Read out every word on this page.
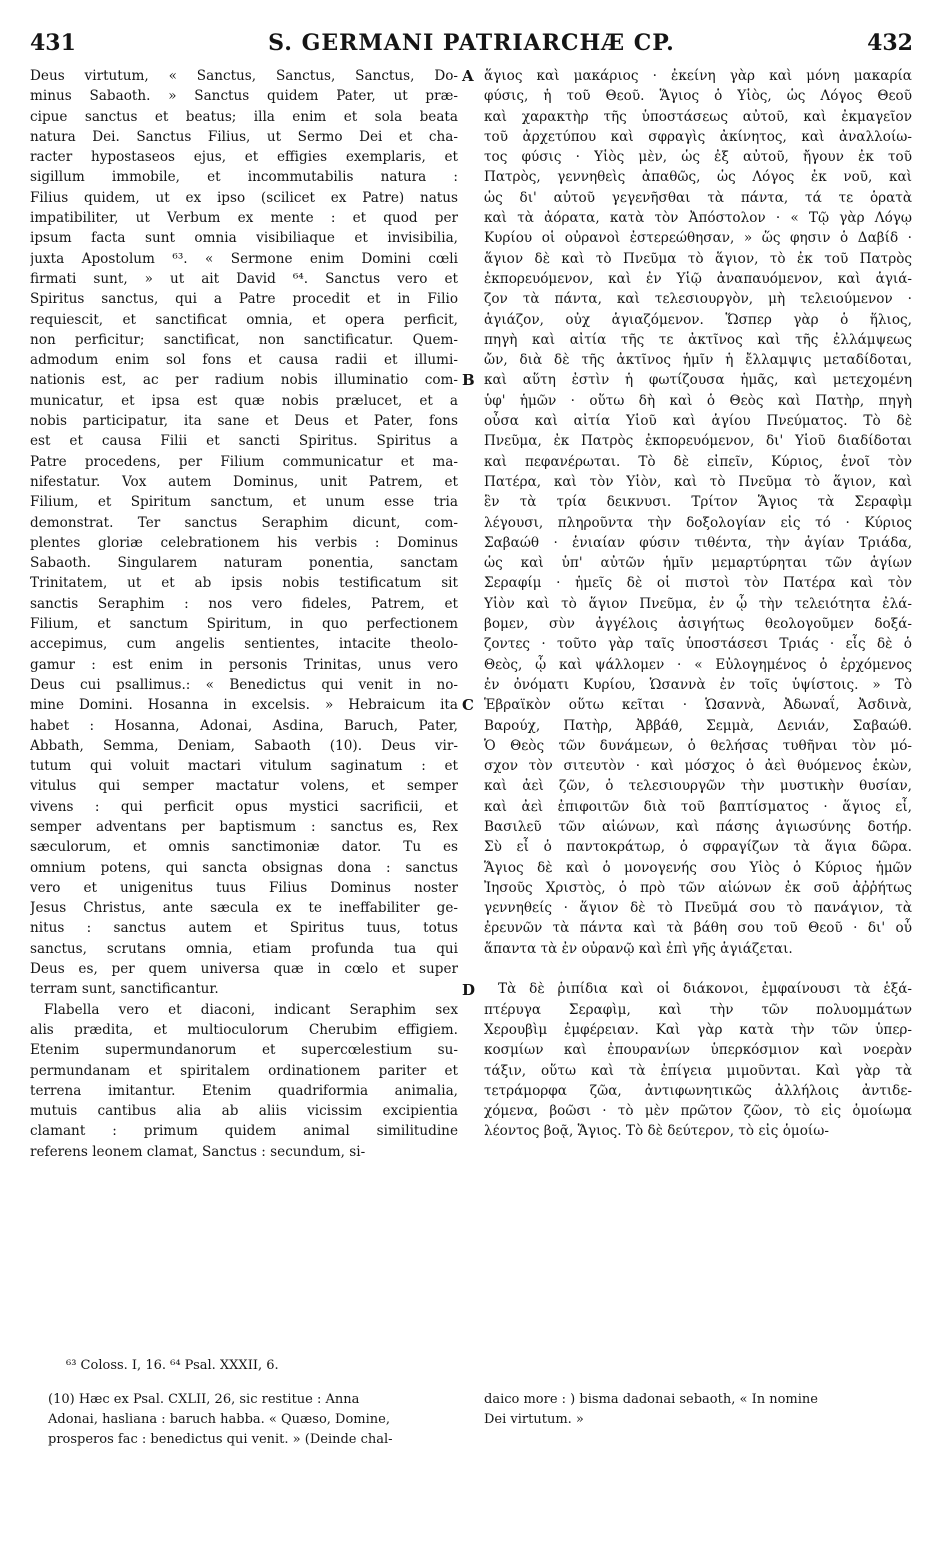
431	S. GERMANI PATRIARCHÆ CP.	432
Deus virtutum, « Sanctus, Sanctus, Sanctus, Do-
minus Sabaoth. » Sanctus quidem Pater, ut præ-
cipue sanctus et beatus; illa enim et sola beata
natura Dei. Sanctus Filius, ut Sermo Dei et cha-
racter hypostaseos ejus, et effigies exemplaris, et
sigillum immobile, et incommutabilis natura :
Filius quidem, ut ex ipso (scilicet ex Patre) natus
impatibiliter, ut Verbum ex mente : et quod per
ipsum facta sunt omnia visibiliaque et invisibilia,
juxta Apostolum ⁶³. « Sermone enim Domini cœli
firmati sunt, » ut ait David ⁶⁴. Sanctus vero et
Spiritus sanctus, qui a Patre procedit et in Filio
requiescit, et sanctificat omnia, et opera perficit,
non perficitur; sanctificat, non sanctificatur. Quem-
admodum enim sol fons et causa radii et illumi-
nationis est, ac per radium nobis illuminatio com-
municatur, et ipsa est quæ nobis prælucet, et a
nobis participatur, ita sane et Deus et Pater, fons
est et causa Filii et sancti Spiritus. Spiritus a
Patre procedens, per Filium communicatur et ma-
nifestatur. Vox autem Dominus, unit Patrem, et
Filium, et Spiritum sanctum, et unum esse tria
demonstrat. Ter sanctus Seraphim dicunt, com-
plentes gloriæ celebrationem his verbis : Dominus
Sabaoth. Singularem naturam ponentia, sanctam
Trinitatem, ut et ab ipsis nobis testificatum sit
sanctis Seraphim : nos vero fideles, Patrem, et
Filium, et sanctum Spiritum, in quo perfectionem
accepimus, cum angelis sentientes, intacite theolo-
gamur : est enim in personis Trinitas, unus vero
Deus cui psallimus.: « Benedictus qui venit in no-
mine Domini. Hosanna in excelsis. » Hebraicum ita
habet : Hosanna, Adonai, Asdina, Baruch, Pater,
Abbath, Semma, Deniam, Sabaoth (10). Deus vir-
tutum qui voluit mactari vitulum saginatum : et
vitulus qui semper mactatur volens, et semper
vivens : qui perficit opus mystici sacrificii, et
semper adventans per baptismum : sanctus es, Rex
sæculorum, et omnis sanctimoniæ dator. Tu es
omnium potens, qui sancta obsignas dona : sanctus
vero et unigenitus tuus Filius Dominus noster
Jesus Christus, ante sæcula ex te ineffabiliter ge-
nitus : sanctus autem et Spiritus tuus, totus
sanctus, scrutans omnia, etiam profunda tua qui
Deus es, per quem universa quæ in cœlo et super
terram sunt, sanctificantur.
Flabella vero et diaconi, indicant Seraphim sex
alis prædita, et multioculorum Cherubim effigiem.
Etenim supermundanorum et supercœlestium su-
permundanam et spiritalem ordinationem pariter et
terrena imitantur. Etenim quadriformia animalia,
mutuis cantibus alia ab aliis vicissim excipientia
clamant : primum quidem animal similitudine
referens leonem clamat, Sanctus : secundum, si-
ἅγιος καὶ μακάριος · ἐκείνη γὰρ καὶ μόνη μακαρία
φύσις, ἡ τοῦ Θεοῦ. Ἅγιος ὁ Υἱὸς, ὡς Λόγος Θεοῦ
καὶ χαρακτὴρ τῆς ὑποστάσεως αὐτοῦ, καὶ ἐκμαγεῖον
τοῦ ἀρχετύπου καὶ σφραγὶς ἀκίνητος, καὶ ἀναλλοίω-
τος φύσις · Υἱὸς μὲν, ὡς ἐξ αὐτοῦ, ἤγουν ἐκ τοῦ
Πατρὸς, γεννηθεὶς ἀπαθῶς, ὡς Λόγος ἐκ νοῦ, καὶ
ὡς δι' αὐτοῦ γεγενῆσθαι τὰ πάντα, τά τε ὁρατὰ
καὶ τὰ ἀόρατα, κατὰ τὸν Ἀπόστολον · « Τῷ γὰρ Λόγῳ
Κυρίου οἱ οὐρανοὶ ἐστερεώθησαν, » ὥς φησιν ὁ Δαβίδ ·
ἅγιον δὲ καὶ τὸ Πνεῦμα τὸ ἅγιον, τὸ ἐκ τοῦ Πατρὸς
ἐκπορευόμενον, καὶ ἐν Υἱῷ ἀναπαυόμενον, καὶ ἁγιά-
ζον τὰ πάντα, καὶ τελεσιουργὸν, μὴ τελειούμενον ·
ἁγιάζον, οὐχ ἁγιαζόμενον. Ὥσπερ γὰρ ὁ ἥλιος,
πηγὴ καὶ αἰτία τῆς τε ἀκτῖνος καὶ τῆς ἐλλάμψεως
ὤν, διὰ δὲ τῆς ἀκτῖνος ἡμῖν ἡ ἔλλαμψις μεταδίδοται,
καὶ αὕτη ἐστὶν ἡ φωτίζουσα ἡμᾶς, καὶ μετεχομένη
ὑφ' ἡμῶν · οὕτω δὴ καὶ ὁ Θεὸς καὶ Πατὴρ, πηγὴ
οὖσα καὶ αἰτία Υἱοῦ καὶ ἁγίου Πνεύματος. Τὸ δὲ
Πνεῦμα, ἐκ Πατρὸς ἐκπορευόμενον, δι' Υἱοῦ διαδίδοται
καὶ πεφανέρωται. Τὸ δὲ εἰπεῖν, Κύριος, ἑνοῖ τὸν
Πατέρα, καὶ τὸν Υἱὸν, καὶ τὸ Πνεῦμα τὸ ἅγιον, καὶ
ἓν τὰ τρία δεικνυσι. Τρίτον Ἅγιος τὰ Σεραφὶμ
λέγουσι, πληροῦντα τὴν δοξολογίαν εἰς τό · Κύριος
Σαβαώθ · ἑνιαίαν φύσιν τιθέντα, τὴν ἁγίαν Τριάδα,
ὡς καὶ ὑπ' αὐτῶν ἡμῖν μεμαρτύρηται τῶν ἁγίων
Σεραφίμ · ἡμεῖς δὲ οἱ πιστοὶ τὸν Πατέρα καὶ τὸν
Υἱὸν καὶ τὸ ἅγιον Πνεῦμα, ἐν ᾧ τὴν τελειότητα ἐλά-
βομεν, σὺν ἀγγέλοις ἀσιγήτως θεολογοῦμεν δοξά-
ζοντες · τοῦτο γὰρ ταῖς ὑποστάσεσι Τριάς · εἷς δὲ ὁ
Θεὸς, ᾧ καὶ ψάλλομεν · « Εὐλογημένος ὁ ἐρχόμενος
ἐν ὀνόματι Κυρίου, Ὡσαννὰ ἐν τοῖς ὑψίστοις. » Τὸ
Ἑβραϊκὸν οὕτω κεῖται · Ὡσαννὰ, Ἀδωναΐ, Ἀσδινὰ,
Βαρούχ, Πατὴρ, Ἀββάθ, Σεμμὰ, Δενιάν, Σαβαώθ.
Ὁ Θεὸς τῶν δυνάμεων, ὁ θελήσας τυθῆναι τὸν μό-
σχον τὸν σιτευτὸν · καὶ μόσχος ὁ ἀεὶ θυόμενος ἑκὼν,
καὶ ἀεὶ ζῶν, ὁ τελεσιουργῶν τὴν μυστικὴν θυσίαν,
καὶ ἀεὶ ἐπιφοιτῶν διὰ τοῦ βαπτίσματος · ἅγιος εἶ,
Βασιλεῦ τῶν αἰώνων, καὶ πάσης ἁγιωσύνης δοτήρ.
Σὺ εἶ ὁ παντοκράτωρ, ὁ σφραγίζων τὰ ἅγια δῶρα.
Ἅγιος δὲ καὶ ὁ μονογενής σου Υἱὸς ὁ Κύριος ἡμῶν
Ἰησοῦς Χριστὸς, ὁ πρὸ τῶν αἰώνων ἐκ σοῦ ἀῤῥήτως
γεννηθείς · ἅγιον δὲ τὸ Πνεῦμά σου τὸ πανάγιον, τὰ
ἐρευνῶν τὰ πάντα καὶ τὰ βάθη σου τοῦ Θεοῦ · δι' οὗ
ἅπαντα τὰ ἐν οὐρανῷ καὶ ἐπὶ γῆς ἁγιάζεται.
Τὰ δὲ ῥιπίδια καὶ οἱ διάκονοι, ἐμφαίνουσι τὰ ἑξά-
πτέρυγα Σεραφὶμ, καὶ τὴν τῶν πολυομμάτων
Χερουβὶμ ἐμφέρειαν. Καὶ γὰρ κατὰ τὴν τῶν ὑπερ-
κοσμίων καὶ ἐπουρανίων ὑπερκόσμιον καὶ νοερὰν
τάξιν, οὕτω καὶ τὰ ἐπίγεια μιμοῦνται. Καὶ γὰρ τὰ
τετράμορφα ζῶα, ἀντιφωνητικῶς ἀλλήλοις ἀντιδε-
χόμενα, βοῶσι · τὸ μὲν πρῶτον ζῶον, τὸ εἰς ὁμοίωμα
λέοντος βοᾷ, Ἅγιος. Τὸ δὲ δεύτερον, τὸ εἰς ὁμοίω-
A
B
C
D
⁶³ Coloss. I, 16. ⁶⁴ Psal. XXXII, 6.
(10) Hæc ex Psal. CXLII, 26, sic restitue : Anna
Adonai, hasliana : baruch habba. « Quæso, Domine,
prosperos fac : benedictus qui venit. » (Deinde chal-
daico more : ) bisma dadonai sebaoth, « In nomine
Dei virtutum. »
